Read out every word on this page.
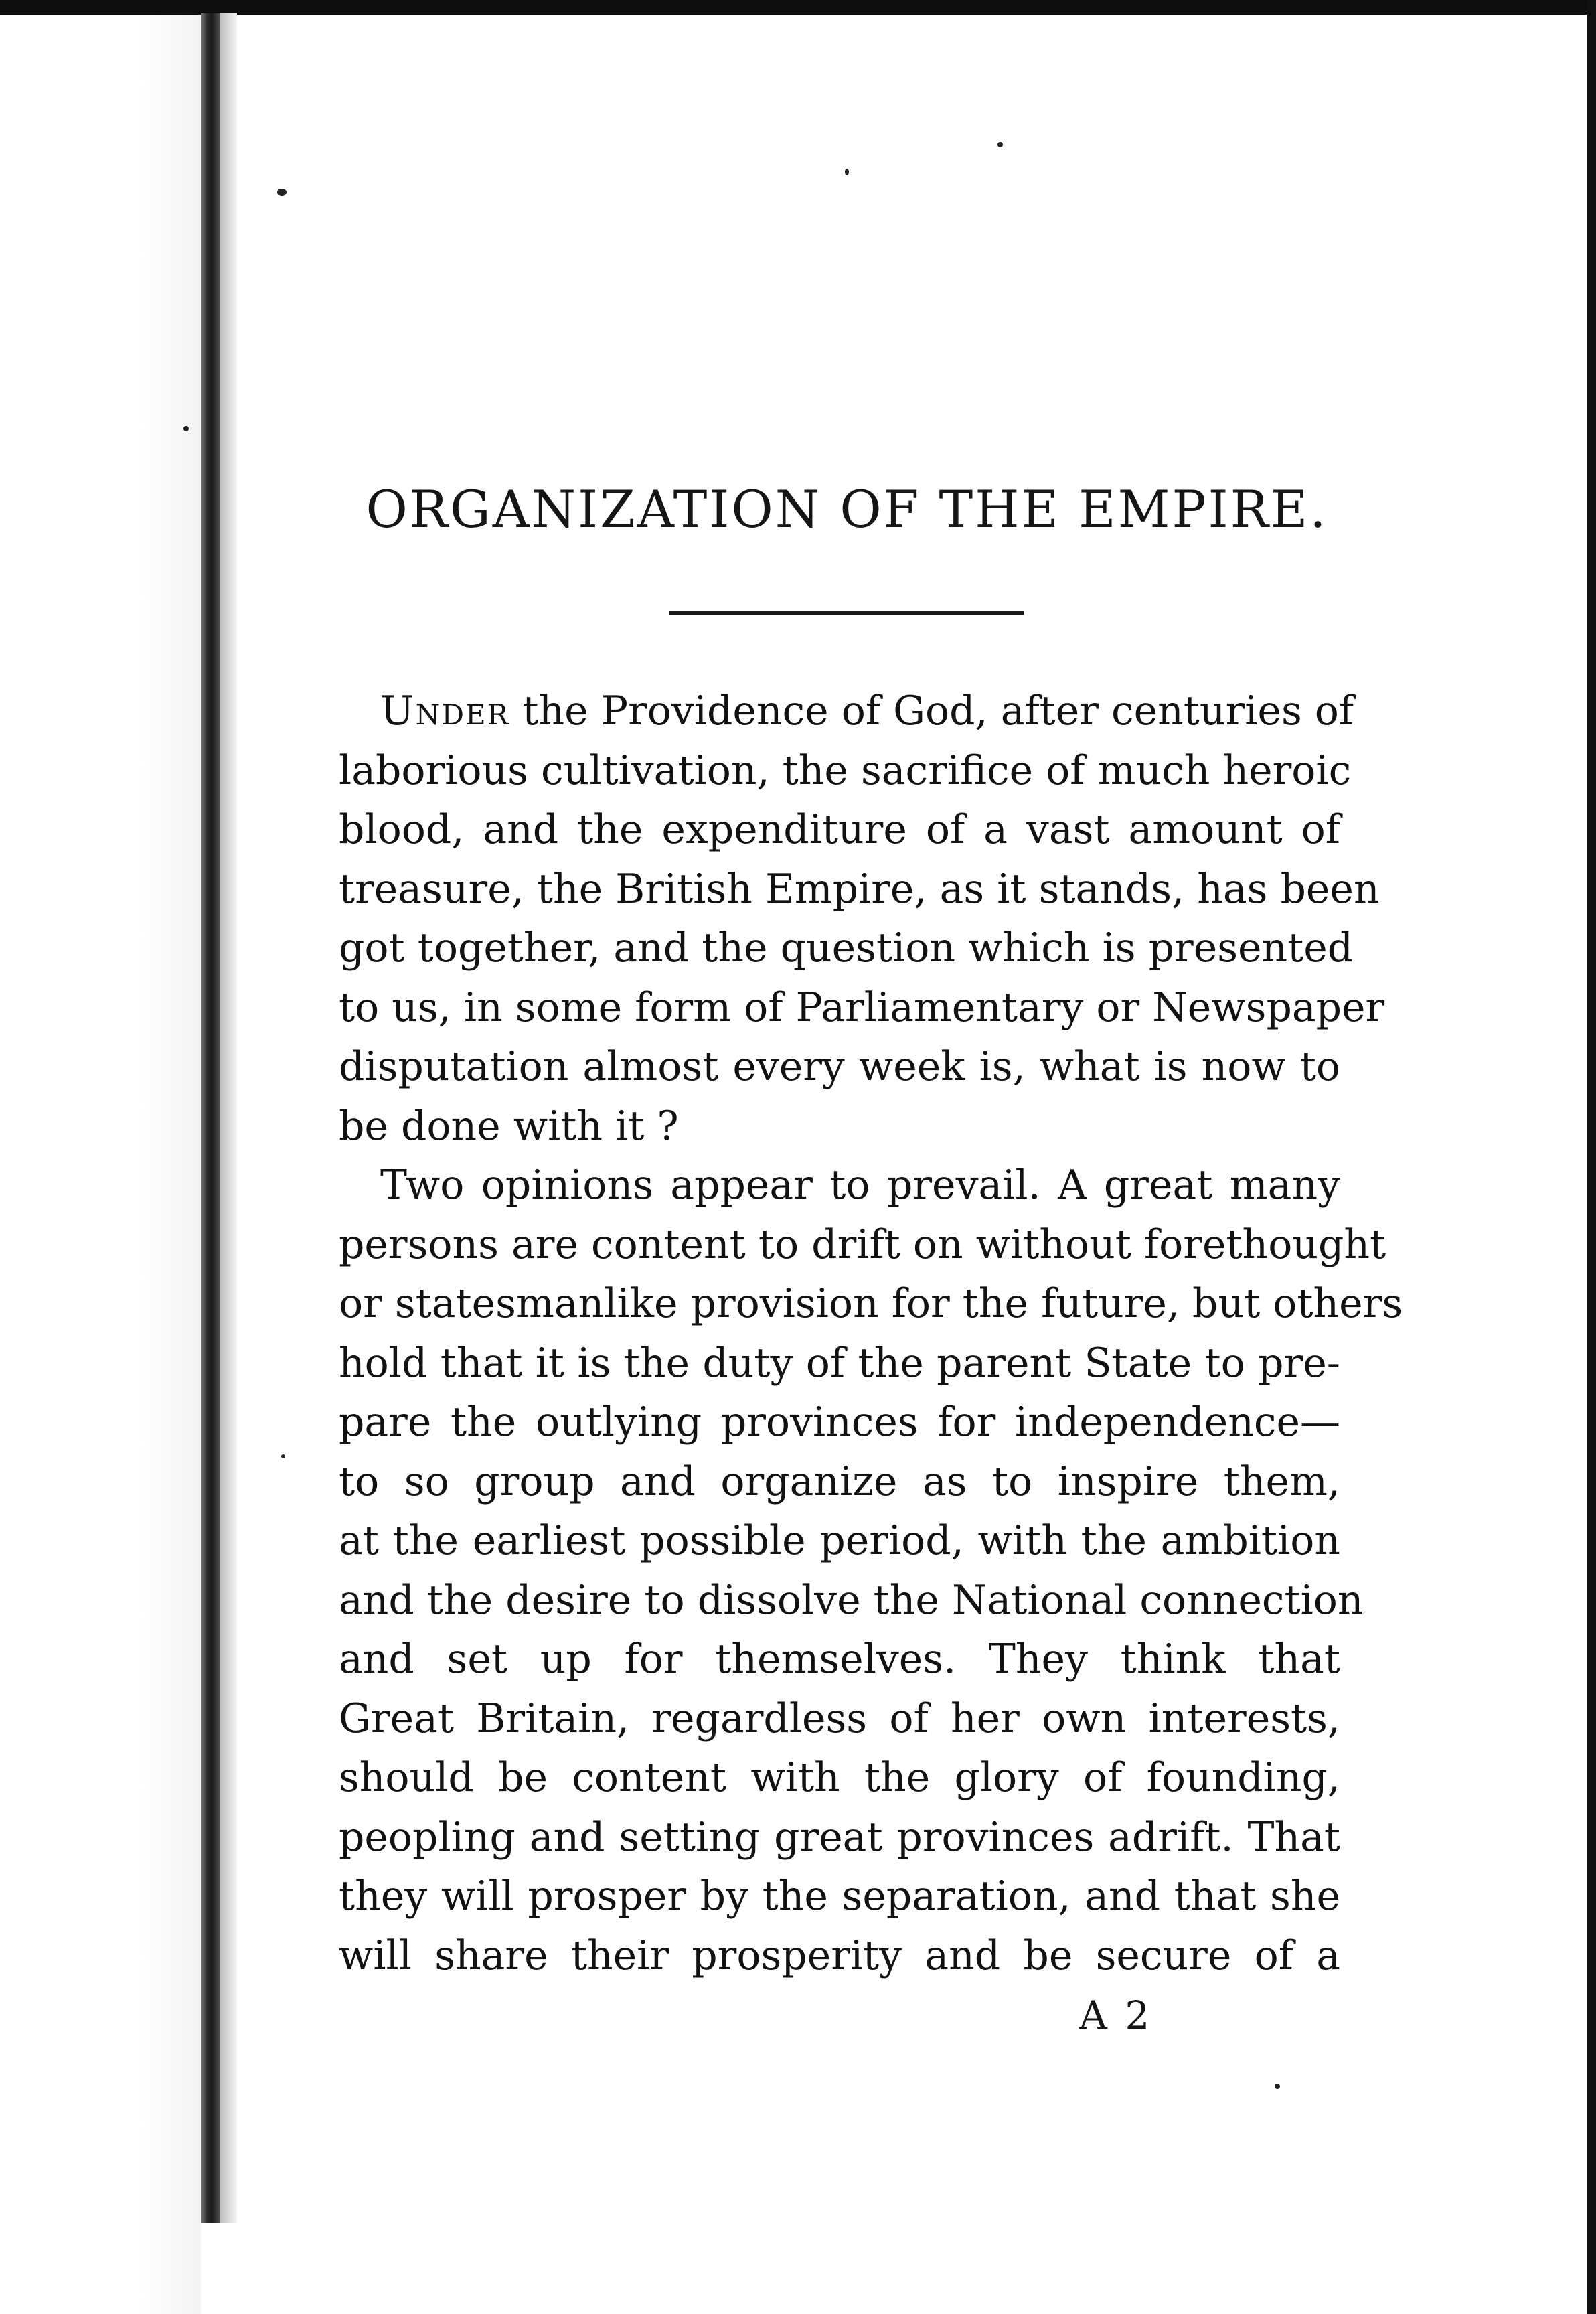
ORGANIZATION OF THE EMPIRE.
Under the Providence of God, after centuries of
laborious cultivation, the sacrifice of much heroic
blood, and the expenditure of a vast amount of
treasure, the British Empire, as it stands, has been
got together, and the question which is presented
to us, in some form of Parliamentary or Newspaper
disputation almost every week is, what is now to
be done with it ?
Two opinions appear to prevail. A great many
persons are content to drift on without forethought
or statesmanlike provision for the future, but others
hold that it is the duty of the parent State to pre-
pare the outlying provinces for independence—
to so group and organize as to inspire them,
at the earliest possible period, with the ambition
and the desire to dissolve the National connection
and set up for themselves. They think that
Great Britain, regardless of her own interests,
should be content with the glory of founding,
peopling and setting great provinces adrift. That
they will prosper by the separation, and that she
will share their prosperity and be secure of a
A 2
